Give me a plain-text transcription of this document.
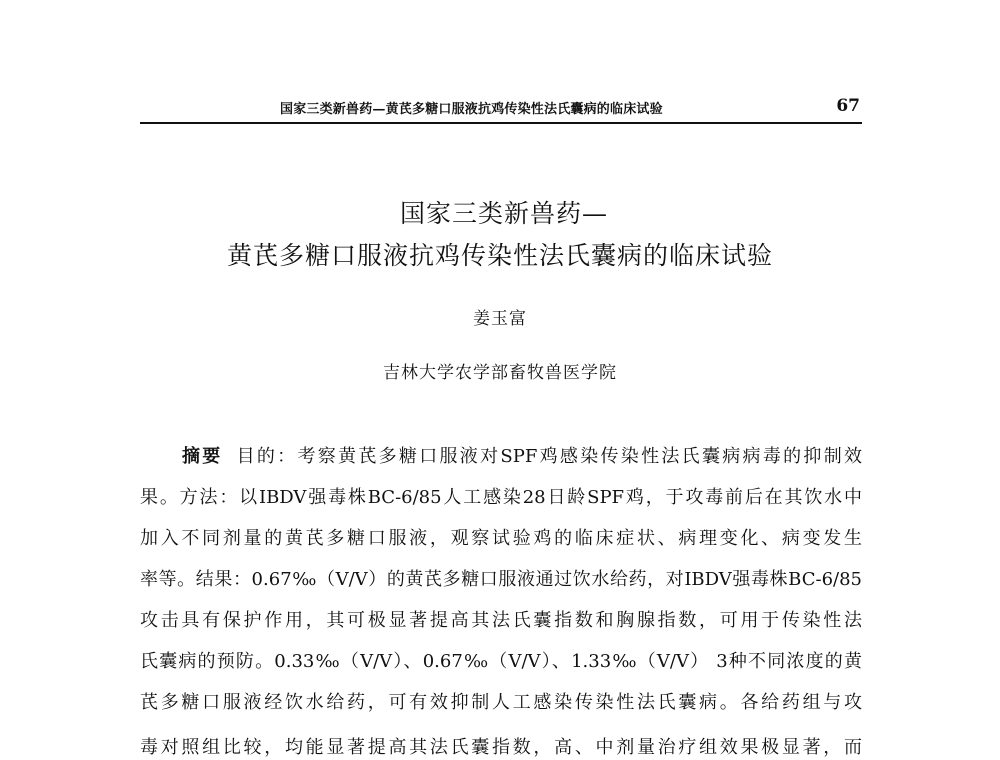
国家三类新兽药—黄芪多糖口服液抗鸡传染性法氏囊病的临床试验	67
国家三类新兽药—
黄芪多糖口服液抗鸡传染性法氏囊病的临床试验
姜玉富
吉林大学农学部畜牧兽医学院
摘要 目的：考察黄芪多糖口服液对SPF鸡感染传染性法氏囊病病毒的抑制效
果。方法：以IBDV强毒株BC-6/85人工感染28日龄SPF鸡，于攻毒前后在其饮水中
加入不同剂量的黄芪多糖口服液，观察试验鸡的临床症状、病理变化、病变发生
率等。结果：0.67‰（V/V）的黄芪多糖口服液通过饮水给药，对IBDV强毒株BC-6/85
攻击具有保护作用，其可极显著提高其法氏囊指数和胸腺指数，可用于传染性法
氏囊病的预防。0.33‰（V/V）、0.67‰（V/V）、1.33‰（V/V） 3种不同浓度的黄
芪多糖口服液经饮水给药，可有效抑制人工感染传染性法氏囊病。各给药组与攻
毒对照组比较，均能显著提高其法氏囊指数，高、中剂量治疗组效果极显著，而
